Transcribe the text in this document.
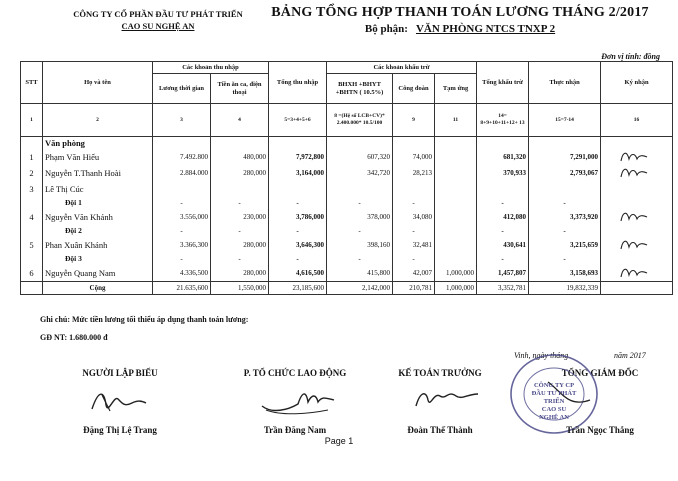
CÔNG TY CỔ PHẦN ĐẦU TƯ PHÁT TRIỂN
CAO SU NGHỆ AN
BẢNG TỔNG HỢP THANH TOÁN LƯƠNG THÁNG 2/2017
Bộ phận: VĂN PHÒNG NTCS TNXP 2
Đơn vị tính: đồng
STT	Họ và tên	Các khoản thu nhập		Tổng thu nhập	Các khoản khấu trừ			Tổng khấu trừ	Thực nhận	Ký nhận
		Lương thời gian	Tiền ăn ca, điện thoại		BHXH +BHYT +BHTN ( 10.5%)	Công đoàn	Tạm ứng			
1	2	3	4	5=3+4+5+6	8 =(Hệ số LCB+CV)* 2.400.000* 10.5/100	9	11	14= 8+9+10+11+12+ 13	15=7-14	16
	Văn phòng									
1	Phạm Văn Hiếu	7.492.800	480,000	7,972,800	607,320	74,000		681,320	7,291,000	
2	Nguyễn T.Thanh Hoài	2.884.000	280,000	3,164,000	342,720	28,213		370,933	2,793,067	
3	Lê Thị Cúc									
	Đội 1	-	-	-	-	-		-	-	
4	Nguyễn Văn Khánh	3.556,000	230,000	3,786,000	378,000	34,080		412,080	3,373,920	
	Đội 2	-	-	-	-	-		-	-	
5	Phan Xuân Khánh	3.366,300	280,000	3,646,300	398,160	32,481		430,641	3,215,659	
	Đội 3	-	-	-	-	-		-	-	
6	Nguyễn Quang Nam	4.336,500	280,000	4,616,500	415,800	42,007	1,000,000	1,457,807	3,158,693	
	Cộng	21.635,600	1,550,000	23,185,600	2,142,000	210,781	1,000,000	3,352,781	19,832,339	
Ghi chú: Mức tiền lương tối thiểu áp dụng thanh toán lương:
GĐ NT: 1.680.000 đ
Vinh, ngày tháng	năm 2017
NGƯỜI LẬP BIỂU	P. TỔ CHỨC LAO ĐỘNG	KẾ TOÁN TRƯỞNG	TỔNG GIÁM ĐỐC
CÔNG TY CP
ĐẦU TƯ PHÁT TRIỂN
CAO SU
NGHỆ AN
Đặng Thị Lệ Trang	Trần Đăng Nam	Đoàn Thế Thành	Trần Ngọc Thắng
Page 1
